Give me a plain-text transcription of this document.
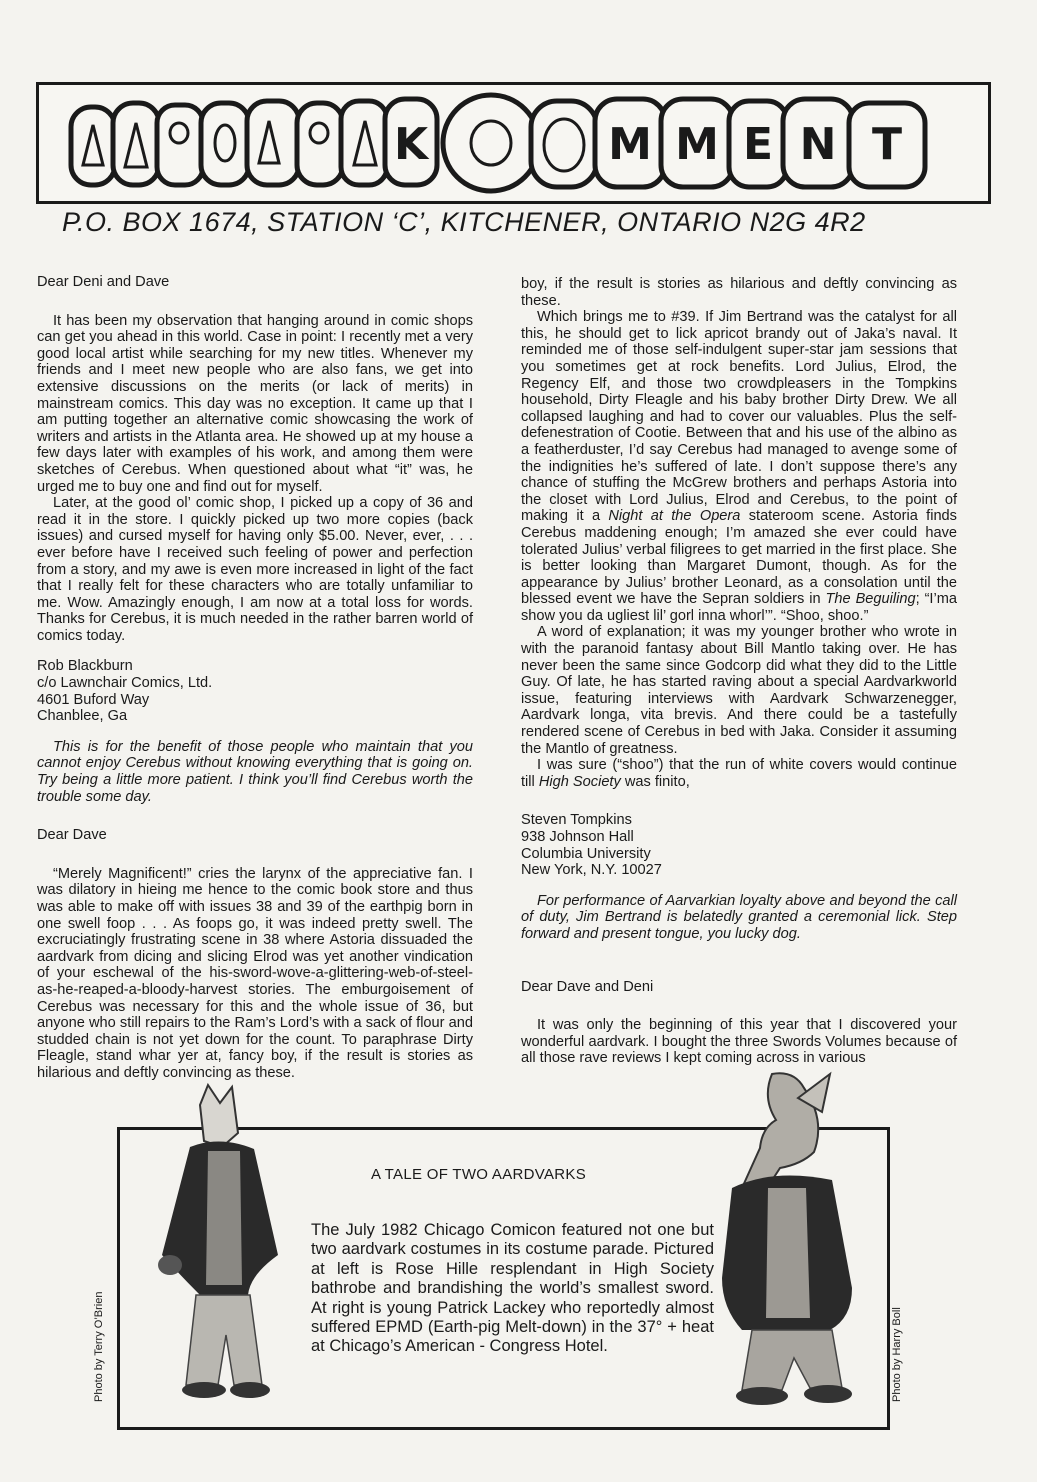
K	M M E N T
P.O. BOX 1674, STATION ‘C’, KITCHENER, ONTARIO N2G 4R2

Dear Deni and Dave

It has been my observation that hanging around in comic shops can get you ahead in this world. Case in point: I recently met a very good local artist while searching for my new titles. Whenever my friends and I meet new people who are also fans, we get into extensive discussions on the merits (or lack of merits) in mainstream comics. This day was no exception. It came up that I am putting together an alternative comic showcasing the work of writers and artists in the Atlanta area. He showed up at my house a few days later with examples of his work, and among them were sketches of Cerebus. When questioned about what “it” was, he urged me to buy one and find out for myself.

Later, at the good ol’ comic shop, I picked up a copy of 36 and read it in the store. I quickly picked up two more copies (back issues) and cursed myself for having only $5.00. Never, ever, . . . ever before have I received such feeling of power and perfection from a story, and my awe is even more increased in light of the fact that I really felt for these characters who are totally unfamiliar to me. Wow. Amazingly enough, I am now at a total loss for words. Thanks for Cerebus, it is much needed in the rather barren world of comics today.

Rob Blackburn

c/o Lawnchair Comics, Ltd.

4601 Buford Way

Chanblee, Ga

This is for the benefit of those people who maintain that you cannot enjoy Cerebus without knowing everything that is going on. Try being a little more patient. I think you’ll find Cerebus worth the trouble some day.

Dear Dave

“Merely Magnificent!” cries the larynx of the appreciative fan. I was dilatory in hieing me hence to the comic book store and thus was able to make off with issues 38 and 39 of the earthpig born in one swell foop . . . As foops go, it was indeed pretty swell. The excruciatingly frustrating scene in 38 where Astoria dissuaded the aardvark from dicing and slicing Elrod was yet another vindication of your eschewal of the his-sword-wove-a-glittering-web-of-steel-as-he-reaped-a-bloody-harvest stories. The emburgoisement of Cerebus was necessary for this and the whole issue of 36, but anyone who still repairs to the Ram’s Lord’s with a sack of flour and studded chain is not yet down for the count. To paraphrase Dirty Fleagle, stand whar yer at, fancy boy, if the result is stories as hilarious and deftly convincing as these.

boy, if the result is stories as hilarious and deftly convincing as these.

Which brings me to #39. If Jim Bertrand was the catalyst for all this, he should get to lick apricot brandy out of Jaka’s naval. It reminded me of those self-indulgent super-star jam sessions that you sometimes get at rock benefits. Lord Julius, Elrod, the Regency Elf, and those two crowdpleasers in the Tompkins household, Dirty Fleagle and his baby brother Dirty Drew. We all collapsed laughing and had to cover our valuables. Plus the self-defenestration of Cootie. Between that and his use of the albino as a featherduster, I’d say Cerebus had managed to avenge some of the indignities he’s suffered of late. I don’t suppose there’s any chance of stuffing the McGrew brothers and perhaps Astoria into the closet with Lord Julius, Elrod and Cerebus, to the point of making it a Night at the Opera stateroom scene. Astoria finds Cerebus maddening enough; I’m amazed she ever could have tolerated Julius’ verbal filigrees to get married in the first place. She is better looking than Margaret Dumont, though. As for the appearance by Julius’ brother Leonard, as a consolation until the blessed event we have the Sepran soldiers in The Beguiling; “I’ma show you da ugliest lil’ gorl inna whorl’”. “Shoo, shoo.”

A word of explanation; it was my younger brother who wrote in with the paranoid fantasy about Bill Mantlo taking over. He has never been the same since Godcorp did what they did to the Little Guy. Of late, he has started raving about a special Aardvarkworld issue, featuring interviews with Aardvark Schwarzenegger, Aardvark longa, vita brevis. And there could be a tastefully rendered scene of Cerebus in bed with Jaka. Consider it assuming the Mantlo of greatness.

I was sure (“shoo”) that the run of white covers would continue till High Society was finito,

Steven Tompkins

938 Johnson Hall

Columbia University

New York, N.Y. 10027

For performance of Aarvarkian loyalty above and beyond the call of duty, Jim Bertrand is belatedly granted a ceremonial lick. Step forward and present tongue, you lucky dog.

Dear Dave and Deni

It was only the beginning of this year that I discovered your wonderful aardvark. I bought the three Swords Volumes because of all those rave reviews I kept coming across in various

A TALE OF TWO AARDVARKS
The July 1982 Chicago Comicon featured not one but two aardvark costumes in its costume parade. Pictured at left is Rose Hille resplendant in High Society bathrobe and brandishing the world’s smallest sword. At right is young Patrick Lackey who reportedly almost suffered EPMD (Earth-pig Melt-down) in the 37° + heat at Chicago’s American - Congress Hotel.
Photo by Terry O’Brien	Photo by Harry Boll
